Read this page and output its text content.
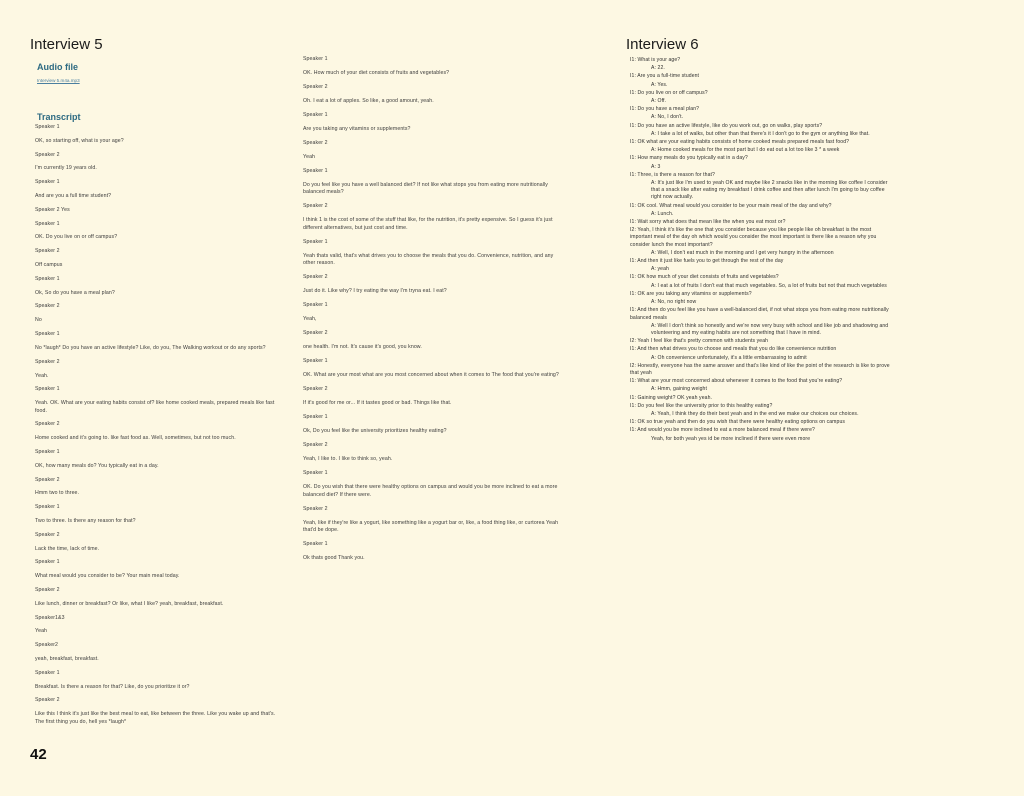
Interview 5
Audio file
Interview 5.m4a.mp3
Transcript
Speaker 1
OK, so starting off, what is your age?
Speaker 2
I'm currently 19 years old.
Speaker 1
And are you a full time student?
Speaker 2 Yes
Speaker 1
OK. Do you live on or off campus?
Speaker 2
Off campus
Speaker 1
Ok, So do you have a meal plan?
Speaker 2
No
Speaker 1
No *laugh* Do you have an active lifestyle? Like, do you, The Walking workout or do any sports?
Speaker 2
Yeah.
Speaker 1
Yeah. OK. What are your eating habits consist of? like home cooked meals, prepared meals like fast food.
Speaker 2
Home cooked and it's going to. like fast food as. Well, sometimes, but not too much.
Speaker 1
OK, how many meals do? You typically eat in a day.
Speaker 2
Hmm two to three.
Speaker 1
Two to three. Is there any reason for that?
Speaker 2
Lack the time, lack of time.
Speaker 1
What meal would you consider to be? Your main meal today.
Speaker 2
Like lunch, dinner or breakfast? Or like, what I like? yeah, breakfast, breakfast.
Speaker1&3
Yeah
Speaker2
yeah, breakfast, breakfast.
Speaker 1
Breakfast. Is there a reason for that? Like, do you prioritize it or?
Speaker 2
Like this I think it's just like the best meal to eat, like between the three. Like you wake up and that's. The first thing you do, hell yes *laugh*
Speaker 1
OK. How much of your diet consists of fruits and vegetables?
Speaker 2
Oh. I eat a lot of apples. So like, a good amount, yeah.
Speaker 1
Are you taking any vitamins or supplements?
Speaker 2
Yeah
Speaker 1
Do you feel like you have a well balanced diet? If not like what stops you from eating more nutritionally balanced meals?
Speaker 2
I think 1 is the cost of some of the stuff that like, for the nutrition, it's pretty expensive. So I guess it's just different alternatives, but just cost and time.
Speaker 1
Yeah thats valid, that's what drives you to choose the meals that you do. Convenience, nutrition, and any other reason.
Speaker 2
Just do it. Like why? I try eating the way I'm tryna eat. I eat?
Speaker 1
Yeah,
Speaker 2
one health. I'm not. It's cause it's good, you know.
Speaker 1
OK. What are your most what are you most concerned about when it comes to The food that you're eating?
Speaker 2
If it's good for me or... If it tastes good or bad. Things like that.
Speaker 1
Ok, Do you feel like the university prioritizes healthy eating?
Speaker 2
Yeah, I like to. I like to think so, yeah.
Speaker 1
OK. Do you wish that there were healthy options on campus and would you be more inclined to eat a more balanced diet? If there were.
Speaker 2
Yeah, like if they're like a yogurt, like something like a yogurt bar or, like, a food thing like, or curtorea Yeah that'd be dope.
Speaker 1
Ok thats good Thank you.
Interview 6
I1: What is your age?
A: 22.
I1: Are you a full-time student
A: Yes.
I1: Do you live on or off campus?
A: Off.
I1: Do you have a meal plan?
A: No, I don't.
I1: Do you have an active lifestyle, like do you work out, go on walks, play sports?
A: I take a lot of walks, but other than that there's it I don't go to the gym or anything like that.
I1: OK what are your eating habits consists of home cooked meals prepared meals fast food?
A: Home cooked meals for the most part but I do eat out a lot too like 3 * a week
I1: How many meals do you typically eat in a day?
A: 3
I1: Three, is there a reason for that?
A: It's just like I'm used to yeah OK and maybe like 2 snacks like in the morning like coffee I consider that a snack like after eating my breakfast I drink coffee and then after lunch I'm going to buy coffee right now actually.
I1: OK cool. What meal would you consider to be your main meal of the day and why?
A: Lunch.
I1: Wait sorry what does that mean like the when you eat most or?
I2: Yeah, I think it's like the one that you consider because you like people like oh breakfast is the most important meal of the day oh which would you consider the most important is there like a reason why you consider lunch the most important?
A: Well, I don't eat much in the morning and I get very hungry in the afternoon
I1: And then it just like fuels you to get through the rest of the day
A: yeah
I1: OK how much of your diet consists of fruits and vegetables?
A: I eat a lot of fruits I don't eat that much vegetables. So, a lot of fruits but not that much vegetables
I1: OK are you taking any vitamins or supplements?
A: No, no right now
I1: And then do you feel like you have a well-balanced diet, if not what stops you from eating more nutritionally balanced meals
A: Well I don't think so honestly and we're now very busy with school and like job and shadowing and volunteering and my eating habits are not something that I have in mind.
I2: Yeah I feel like that's pretty common with students yeah
I1: And then what drives you to choose and meals that you do like convenience nutrition
A: Oh convenience unfortunately, it's a little embarrassing to admit
I2: Honestly, everyone has the same answer and that's like kind of like the point of the research is like to prove that yeah
I1: What are your most concerned about whenever it comes to the food that you're eating?
A: Hmm, gaining weight
I1: Gaining weight? OK yeah yeah.
I1: Do you feel like the university prior to this healthy eating?
A: Yeah, I think they do their best yeah and in the end we make our choices our choices.
I1: OK so true yeah and then do you wish that there were healthy eating options on campus
I1: And would you be more inclined to eat a more balanced meal if there were?
Yeah, for both yeah yes id be more inclined if there were even more
42
